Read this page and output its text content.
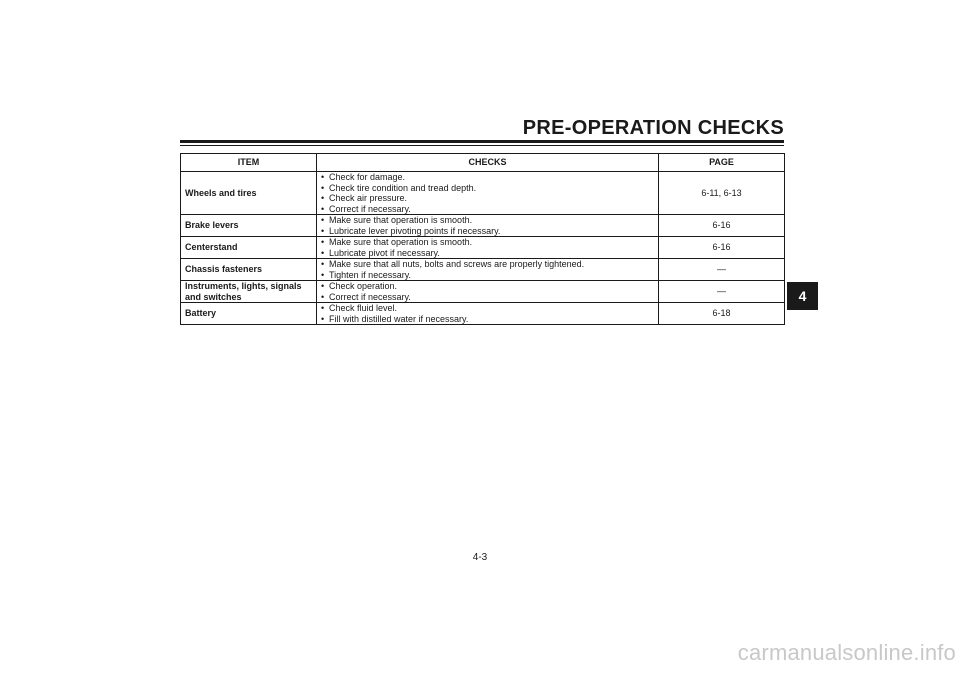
PRE-OPERATION CHECKS
ITEM	CHECKS	PAGE
Wheels and tires	• Check for damage.
• Check tire condition and tread depth.
• Check air pressure.
• Correct if necessary.	6-11, 6-13
Brake levers	• Make sure that operation is smooth.
• Lubricate lever pivoting points if necessary.	6-16
Centerstand	• Make sure that operation is smooth.
• Lubricate pivot if necessary.	6-16
Chassis fasteners	• Make sure that all nuts, bolts and screws are properly tightened.
• Tighten if necessary.	—
Instruments, lights, signals and switches	• Check operation.
• Correct if necessary.	—
Battery	• Check fluid level.
• Fill with distilled water if necessary.	6-18
4
4-3
carmanualsonline.info
